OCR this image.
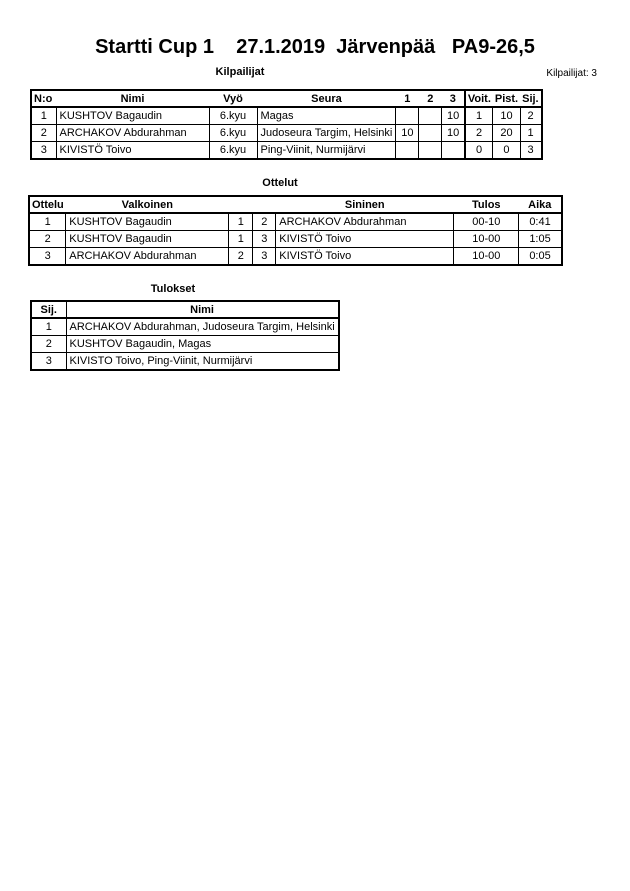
Startti Cup 1    27.1.2019  Järvenpää   PA9-26,5
Kilpailijat: 3
Kilpailijat
N:o	Nimi	Vyö	Seura	1	2	3	Voit.	Pist.	Sij.
1	KUSHTOV Bagaudin	6.kyu	Magas			10	1	10	2
2	ARCHAKOV Abdurahman	6.kyu	Judoseura Targim, Helsinki	10		10	2	20	1
3	KIVISTÖ Toivo	6.kyu	Ping-Viinit, Nurmijärvi				0	0	3
Ottelut
Ottelu	Valkoinen			Sininen	Tulos	Aika
1	KUSHTOV Bagaudin	1	2	ARCHAKOV Abdurahman	00-10	0:41
2	KUSHTOV Bagaudin	1	3	KIVISTÖ Toivo	10-00	1:05
3	ARCHAKOV Abdurahman	2	3	KIVISTÖ Toivo	10-00	0:05
Tulokset
Sij.	Nimi
1	ARCHAKOV Abdurahman, Judoseura Targim, Helsinki
2	KUSHTOV Bagaudin, Magas
3	KIVISTO Toivo, Ping-Viinit, Nurmijärvi
